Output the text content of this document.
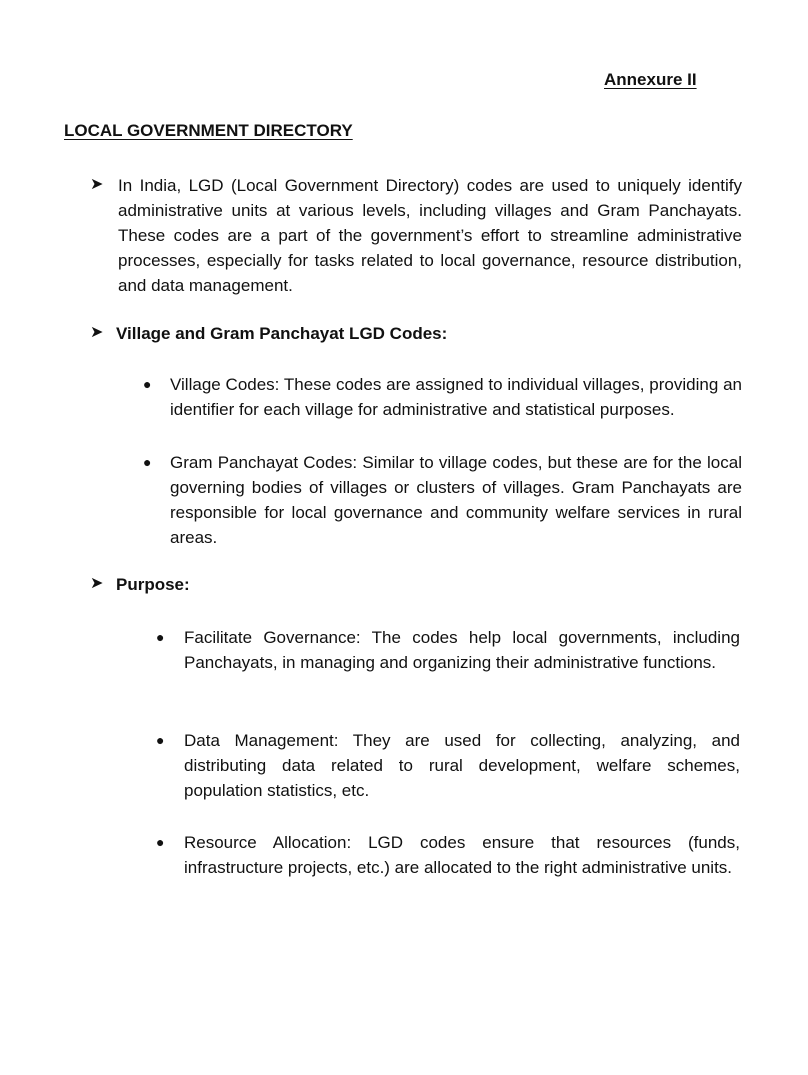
Annexure II
LOCAL GOVERNMENT DIRECTORY
➤ In India, LGD (Local Government Directory) codes are used to uniquely identify administrative units at various levels, including villages and Gram Panchayats. These codes are a part of the government’s effort to streamline administrative processes, especially for tasks related to local governance, resource distribution, and data management.
➤ Village and Gram Panchayat LGD Codes:
● Village Codes: These codes are assigned to individual villages, providing an identifier for each village for administrative and statistical purposes.
● Gram Panchayat Codes: Similar to village codes, but these are for the local governing bodies of villages or clusters of villages. Gram Panchayats are responsible for local governance and community welfare services in rural areas.
➤ Purpose:
● Facilitate Governance: The codes help local governments, including Panchayats, in managing and organizing their administrative functions.
● Data Management: They are used for collecting, analyzing, and distributing data related to rural development, welfare schemes, population statistics, etc.
● Resource Allocation: LGD codes ensure that resources (funds, infrastructure projects, etc.) are allocated to the right administrative units.
